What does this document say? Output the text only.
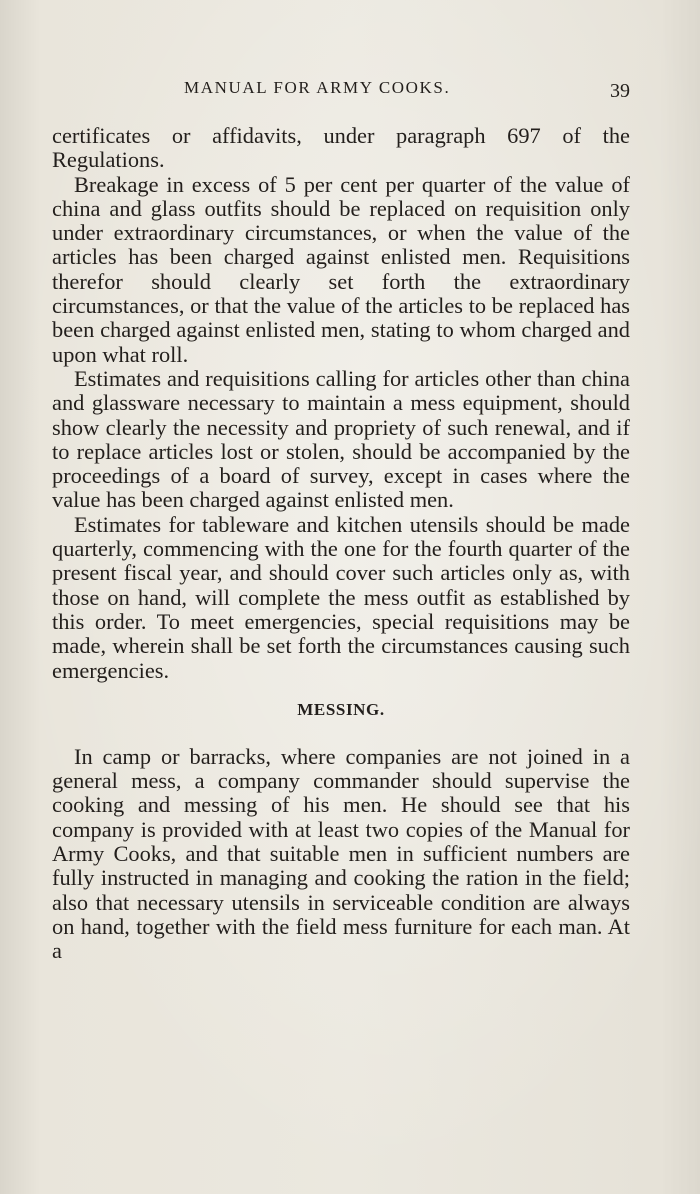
MANUAL FOR ARMY COOKS.	39

certificates or affidavits, under paragraph 697 of the Regulations.

Breakage in excess of 5 per cent per quarter of the value of china and glass outfits should be replaced on requisition only under extraordinary circumstances, or when the value of the articles has been charged against enlisted men. Requisitions therefor should clearly set forth the extraordinary circumstances, or that the value of the articles to be replaced has been charged against enlisted men, stating to whom charged and upon what roll.

Estimates and requisitions calling for articles other than china and glassware necessary to maintain a mess equipment, should show clearly the necessity and propriety of such renewal, and if to replace articles lost or stolen, should be accompanied by the proceedings of a board of survey, except in cases where the value has been charged against enlisted men.

Estimates for tableware and kitchen utensils should be made quarterly, commencing with the one for the fourth quarter of the present fiscal year, and should cover such articles only as, with those on hand, will complete the mess outfit as established by this order. To meet emergencies, special requisitions may be made, wherein shall be set forth the circumstances causing such emergencies.

MESSING.

In camp or barracks, where companies are not joined in a general mess, a company commander should supervise the cooking and messing of his men. He should see that his company is provided with at least two copies of the Manual for Army Cooks, and that suitable men in sufficient numbers are fully instructed in managing and cooking the ration in the field; also that necessary utensils in serviceable condition are always on hand, together with the field mess furniture for each man. At a
